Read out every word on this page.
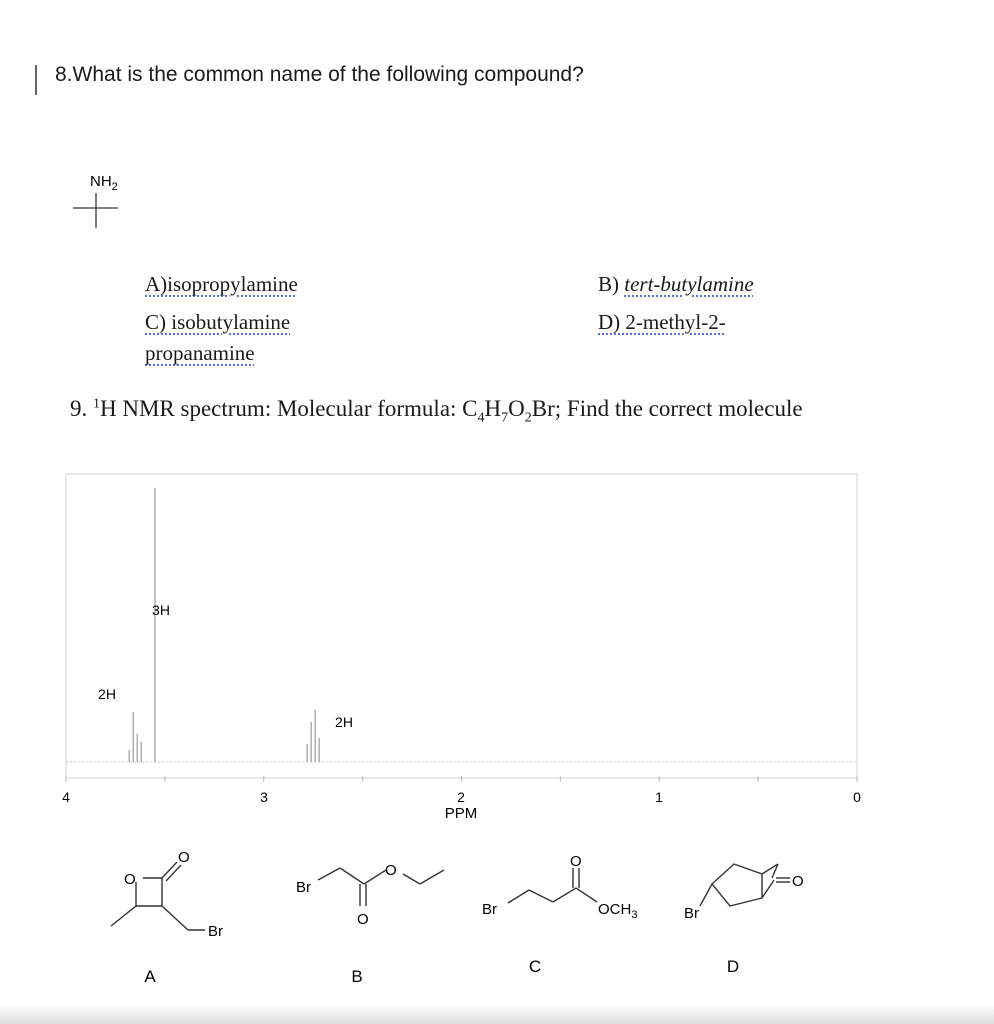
8.What is the common name of the following compound?
$NH_2$
A)isopropylamine	B) tert-butylamine
C) isobutylamine	D) 2-methyl-2-
propanamine
9. $^1$H NMR spectrum: Molecular formula: $C_4H_7O_2Br$; Find the correct molecule
2H
3H
2H
4	3	2	1	0
PPM
O
O
Br
A
Br
O
O
B
Br
O
$OCH_3$
C
O
Br
D
